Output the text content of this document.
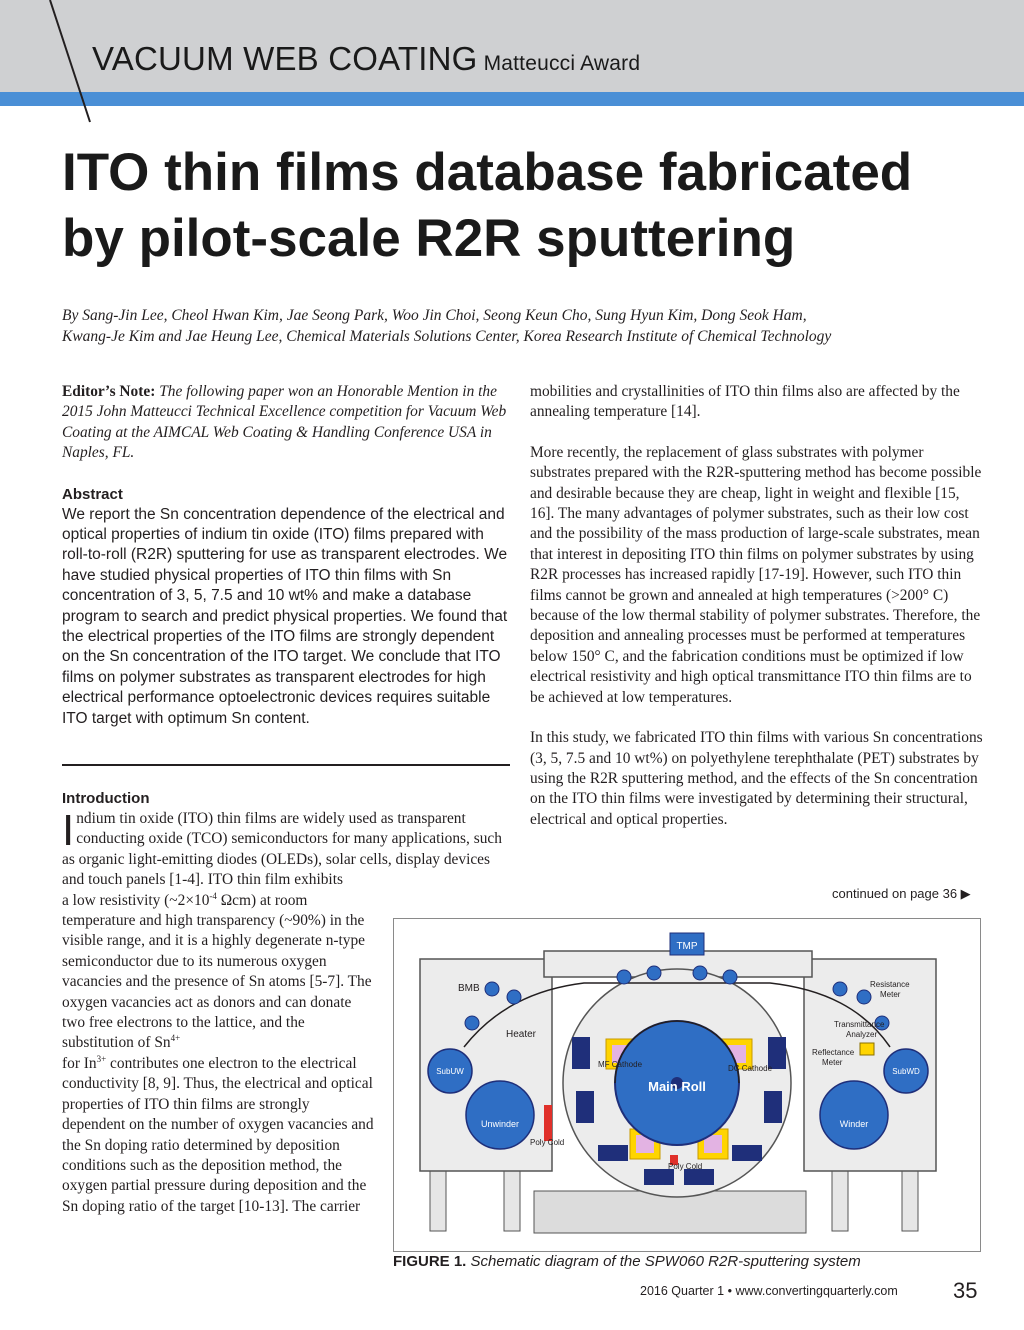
VACUUM WEB COATING Matteucci Award
ITO thin films database fabricated by pilot-scale R2R sputtering

By Sang-Jin Lee, Cheol Hwan Kim, Jae Seong Park, Woo Jin Choi, Seong Keun Cho, Sung Hyun Kim, Dong Seok Ham,
Kwang-Je Kim and Jae Heung Lee, Chemical Materials Solutions Center, Korea Research Institute of Chemical Technology

Editor’s Note: The following paper won an Honorable Mention in the 2015 John Matteucci Technical Excellence competition for Vacuum Web Coating at the AIMCAL Web Coating & Handling Conference USA in Naples, FL.

Abstract

We report the Sn concentration dependence of the electrical and optical properties of indium tin oxide (ITO) films prepared with roll-to-roll (R2R) sputtering for use as transparent electrodes. We have studied physical properties of ITO thin films with Sn concentration of 3, 5, 7.5 and 10 wt% and make a database program to search and predict physical properties. We found that the electrical properties of the ITO films are strongly dependent on the Sn concentration of the ITO target. We conclude that ITO films on polymer substrates as transparent electrodes for high electrical performance optoelectronic devices requires suitable ITO target with optimum Sn content.

Introduction

Indium tin oxide (ITO) thin films are widely used as transparent conducting oxide (TCO) semiconductors for many applications, such as organic light-emitting diodes (OLEDs), solar cells, display devices and touch panels [1-4]. ITO thin film exhibits

a low resistivity ($\sim 2\times 10^{-4}$ Ωcm) at room temperature and high transparency (~90%) in the visible range, and it is a highly degenerate n-type semiconductor due to its numerous oxygen vacancies and the presence of Sn atoms [5-7]. The oxygen vacancies act as donors and can donate two free electrons to the lattice, and the substitution of $Sn^{4+}$
for $In^{3+}$ contributes one electron to the electrical conductivity [8, 9]. Thus, the electrical and optical properties of ITO thin films are strongly dependent on the number of oxygen vacancies and the Sn doping ratio determined by deposition conditions such as the deposition method, the oxygen partial pressure during deposition and the Sn doping ratio of the target [10-13]. The carrier

mobilities and crystallinities of ITO thin films also are affected by the annealing temperature [14].

More recently, the replacement of glass substrates with polymer substrates prepared with the R2R-sputtering method has become possible and desirable because they are cheap, light in weight and flexible [15, 16]. The many advantages of polymer substrates, such as their low cost and the possibility of the mass production of large-scale substrates, mean that interest in depositing ITO thin films on polymer substrates by using R2R processes has increased rapidly [17-19]. However, such ITO thin films cannot be grown and annealed at high temperatures (>200° C) because of the low thermal stability of polymer substrates. Therefore, the deposition and annealing processes must be performed at temperatures below 150° C, and the fabrication conditions must be optimized if low electrical resistivity and high optical transmittance ITO thin films are to be achieved at low temperatures.

In this study, we fabricated ITO thin films with various Sn concentrations (3, 5, 7.5 and 10 wt%) on polyethylene terephthalate (PET) substrates by using the R2R sputtering method, and the effects of the Sn concentration on the ITO thin films were investigated by determining their structural, electrical and optical properties.

continued on page 36 ▶
TMP
BMB
Heater
SubUW
Unwinder
Poly Cold
Resistance
Meter
Transmittance
Analyzer
Reflectance
Meter
SubWD
Winder
MF Cathode	DC Cathode
Main Roll
Poly Cold
FIGURE 1. Schematic diagram of the SPW060 R2R-sputtering system
2016 Quarter 1 • www.convertingquarterly.com	35
